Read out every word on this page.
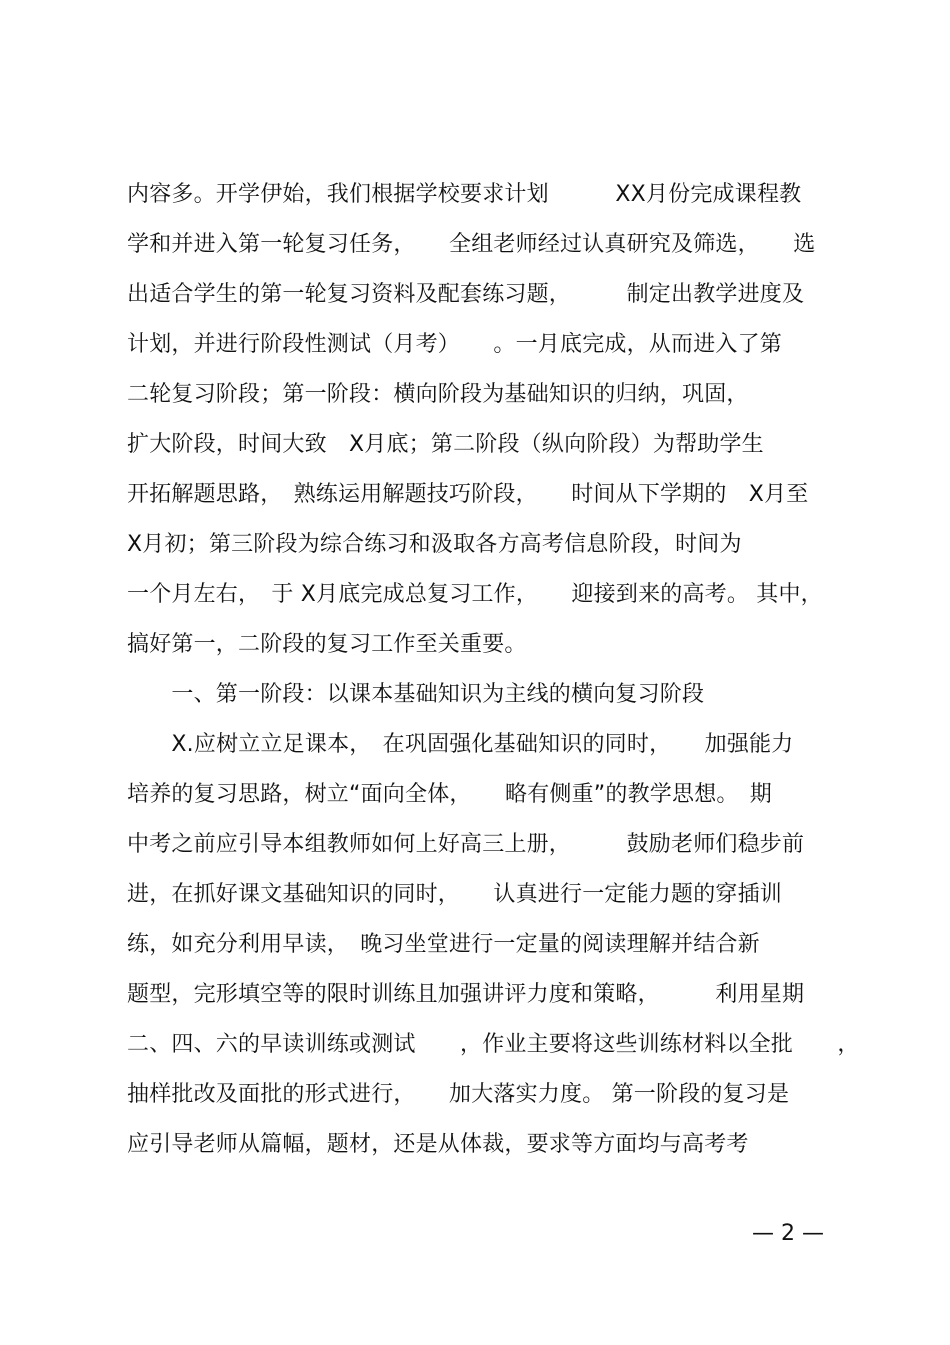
内容多。开学伊始，我们根据学校要求计划　　　XX月份完成课程教
学和并进入第一轮复习任务，　　全组老师经过认真研究及筛选，　　选
出适合学生的第一轮复习资料及配套练习题，　　　制定出教学进度及
计划，并进行阶段性测试（月考）　　。一月底完成，从而进入了第
二轮复习阶段；第一阶段：横向阶段为基础知识的归纳，巩固，
扩大阶段，时间大致　X月底；第二阶段（纵向阶段）为帮助学生
开拓解题思路，　熟练运用解题技巧阶段，　　时间从下学期的　X月至
X月初；第三阶段为综合练习和汲取各方高考信息阶段，时间为
一个月左右，　于 X月底完成总复习工作，　　迎接到来的高考。 其中，
搞好第一，二阶段的复习工作至关重要。
　　一、第一阶段：以课本基础知识为主线的横向复习阶段
　　X.应树立立足课本，　在巩固强化基础知识的同时，　　加强能力
培养的复习思路，树立“面向全体，　　略有侧重”的教学思想。　期
中考之前应引导本组教师如何上好高三上册，　　　鼓励老师们稳步前
进，在抓好课文基础知识的同时，　　认真进行一定能力题的穿插训
练，如充分利用早读，　晚习坐堂进行一定量的阅读理解并结合新
题型，完形填空等的限时训练且加强讲评力度和策略，　　　利用星期
二、四、六的早读训练或测试　　，作业主要将这些训练材料以全批　　，
抽样批改及面批的形式进行，　　加大落实力度。 第一阶段的复习是
应引导老师从篇幅，题材，还是从体裁，要求等方面均与高考考
— 2 —
